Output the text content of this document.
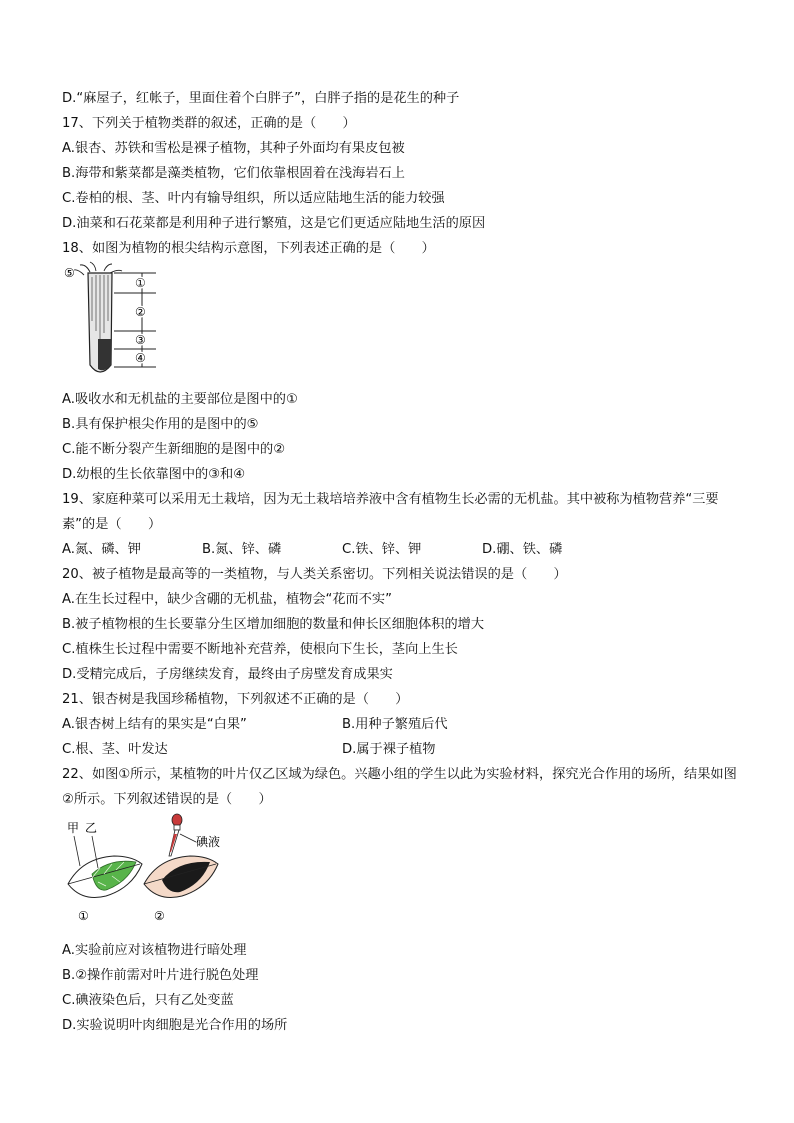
D.“麻屋子，红帐子，里面住着个白胖子”，白胖子指的是花生的种子
17、下列关于植物类群的叙述，正确的是（　　）
A.银杏、苏铁和雪松是裸子植物，其种子外面均有果皮包被
B.海带和紫菜都是藻类植物，它们依靠根固着在浅海岩石上
C.卷柏的根、茎、叶内有输导组织，所以适应陆地生活的能力较强
D.油菜和石花菜都是利用种子进行繁殖，这是它们更适应陆地生活的原因
18、如图为植物的根尖结构示意图，下列表述正确的是（　　）
⑤
①
②
③
④
A.吸收水和无机盐的主要部位是图中的①
B.具有保护根尖作用的是图中的⑤
C.能不断分裂产生新细胞的是图中的②
D.幼根的生长依靠图中的③和④
19、家庭种菜可以采用无土栽培，因为无土栽培培养液中含有植物生长必需的无机盐。其中被称为植物营养“三要素”的是（　　）
A.氮、磷、钾	B.氮、锌、磷	C.铁、锌、钾	D.硼、铁、磷
20、被子植物是最高等的一类植物，与人类关系密切。下列相关说法错误的是（　　）
A.在生长过程中，缺少含硼的无机盐，植物会“花而不实”
B.被子植物根的生长要靠分生区增加细胞的数量和伸长区细胞体积的增大
C.植株生长过程中需要不断地补充营养，使根向下生长，茎向上生长
D.受精完成后，子房继续发育，最终由子房壁发育成果实
21、银杏树是我国珍稀植物，下列叙述不正确的是（　　）
A.银杏树上结有的果实是“白果”	B.用种子繁殖后代
C.根、茎、叶发达	D.属于裸子植物
22、如图①所示，某植物的叶片仅乙区域为绿色。兴趣小组的学生以此为实验材料，探究光合作用的场所，结果如图②所示。下列叙述错误的是（　　）
甲 乙
①
碘液
②
A.实验前应对该植物进行暗处理
B.②操作前需对叶片进行脱色处理
C.碘液染色后，只有乙处变蓝
D.实验说明叶肉细胞是光合作用的场所
